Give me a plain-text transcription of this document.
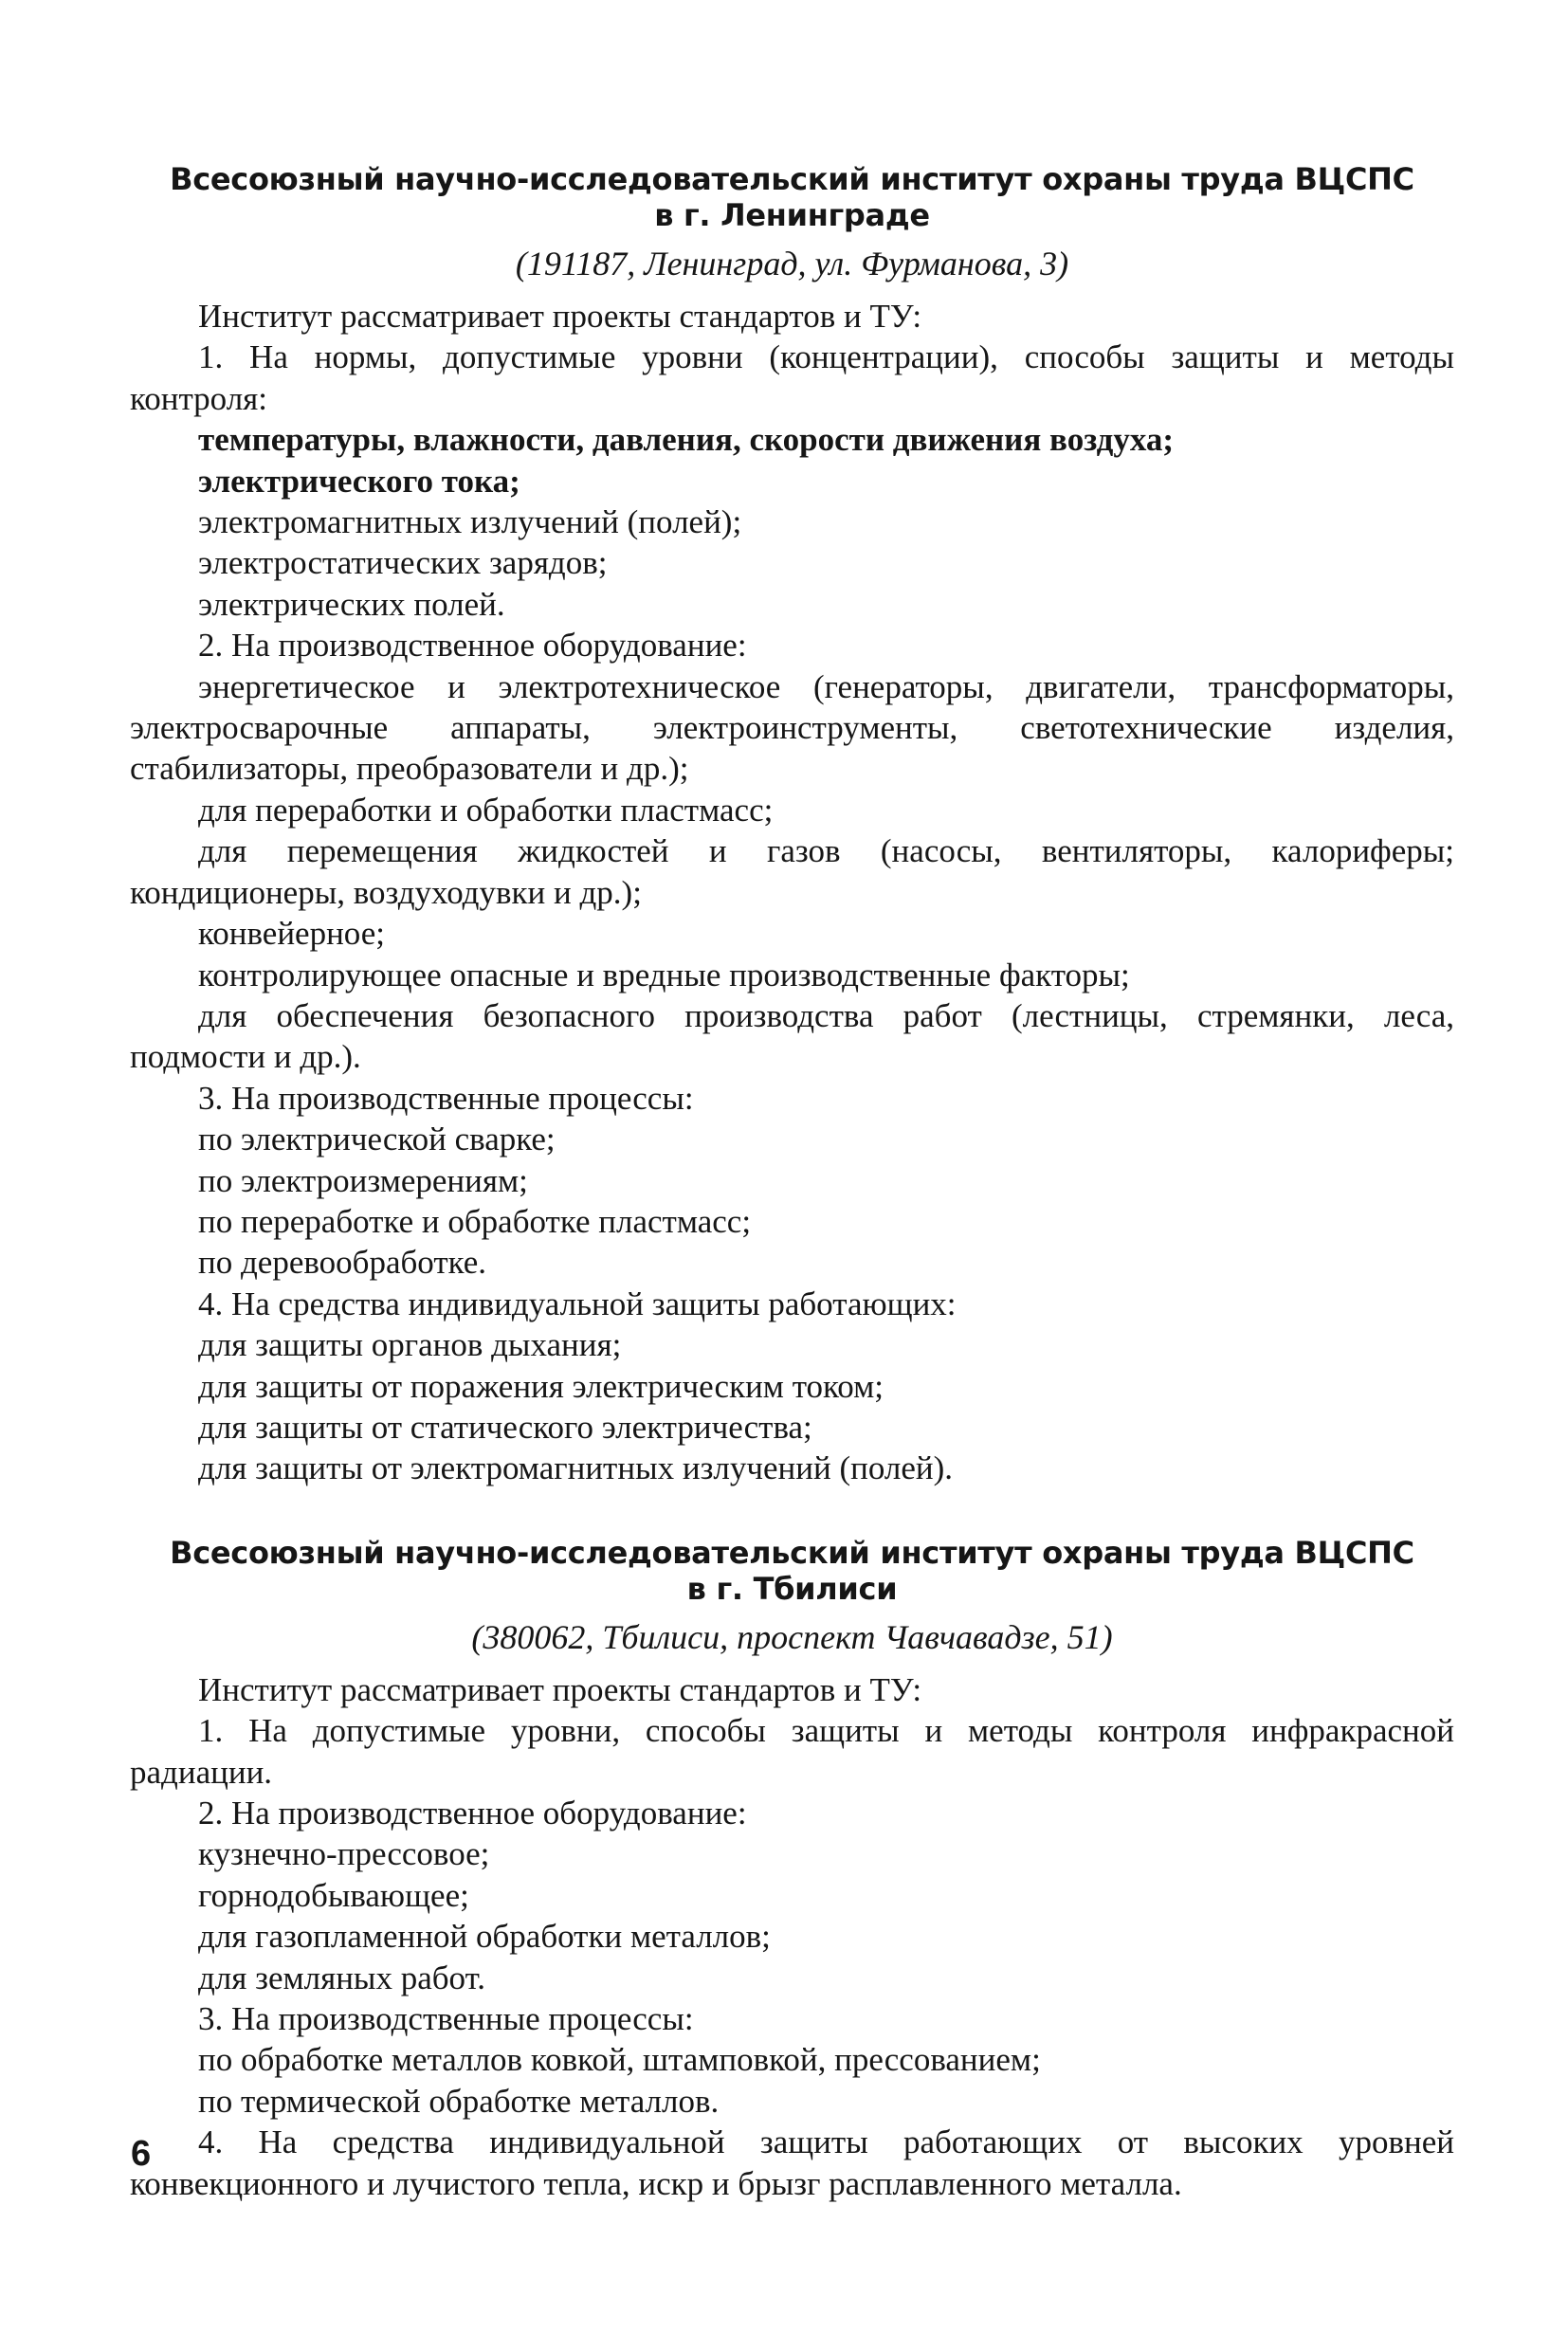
Всесоюзный научно-исследовательский институт охраны труда ВЦСПС
в г. Ленинграде
(191187, Ленинград, ул. Фурманова, 3)
Институт рассматривает проекты стандартов и ТУ:
1. На нормы, допустимые уровни (концентрации), способы защиты и методы
контроля:
температуры, влажности, давления, скорости движения воздуха;
электрического тока;
электромагнитных излучений (полей);
электростатических зарядов;
электрических полей.
2. На производственное оборудование:
энергетическое и электротехническое (генераторы, двигатели, трансформаторы,
электросварочные аппараты, электроинструменты, светотехнические изделия,
стабилизаторы, преобразователи и др.);
для переработки и обработки пластмасс;
для перемещения жидкостей и газов (насосы, вентиляторы, калориферы;
кондиционеры, воздуходувки и др.);
конвейерное;
контролирующее опасные и вредные производственные факторы;
для обеспечения безопасного производства работ (лестницы, стремянки, леса,
подмости и др.).
3. На производственные процессы:
по электрической сварке;
по электроизмерениям;
по переработке и обработке пластмасс;
по деревообработке.
4. На средства индивидуальной защиты работающих:
для защиты органов дыхания;
для защиты от поражения электрическим током;
для защиты от статического электричества;
для защиты от электромагнитных излучений (полей).
Всесоюзный научно-исследовательский институт охраны труда ВЦСПС
в г. Тбилиси
(380062, Тбилиси, проспект Чавчавадзе, 51)
Институт рассматривает проекты стандартов и ТУ:
1. На допустимые уровни, способы защиты и методы контроля инфракрасной
радиации.
2. На производственное оборудование:
кузнечно-прессовое;
горнодобывающее;
для газопламенной обработки металлов;
для земляных работ.
3. На производственные процессы:
по обработке металлов ковкой, штамповкой, прессованием;
по термической обработке металлов.
4. На средства индивидуальной защиты работающих от высоких уровней
конвекционного и лучистого тепла, искр и брызг расплавленного металла.
6
